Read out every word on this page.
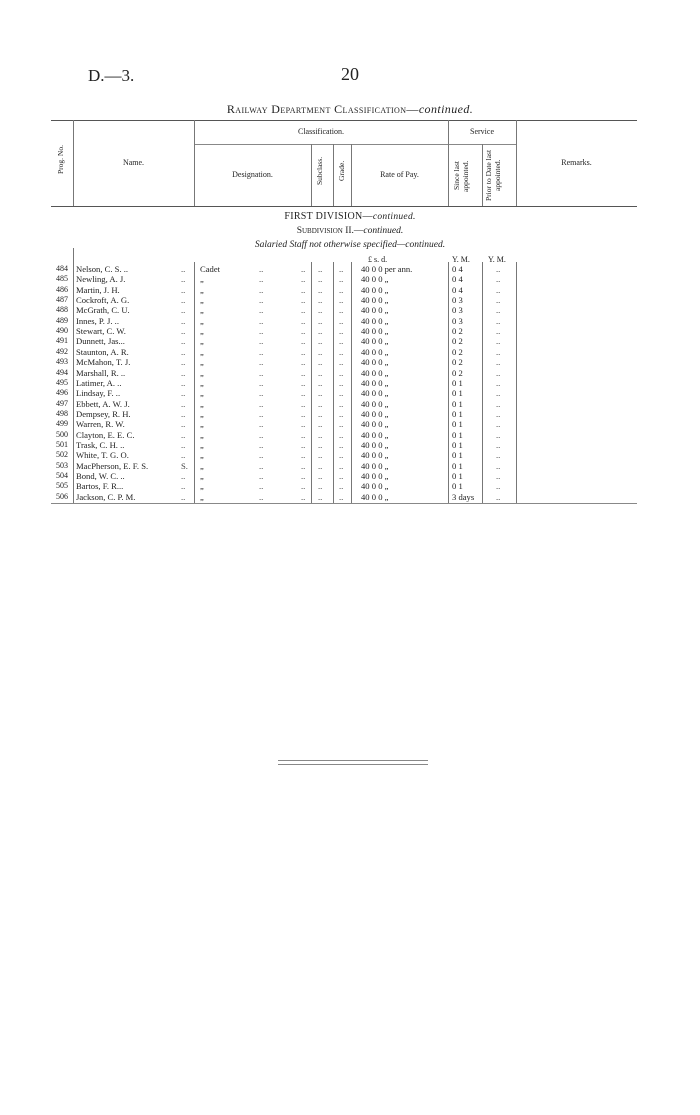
D.—3.	20
Railway Department Classification—continued.
Prog. No.	Name.
Classification.
Designation.	Subclass. Grade.	Rate of Pay.
Service
Since last appointed. Prior to Date last appointed.	Remarks.
FIRST DIVISION—continued.
Subdivision II.—continued.
Salaried Staff not otherwise specified—continued.
£ s. d.	Y. M. Y. M.
484 Nelson, C. S. ..	.. Cadet	..	.. .. .. 40 0 0 per ann.	0 4	..
485 Newling, A. J.	.. „	..	.. .. .. 40 0 0 „	0 4	..
486 Martin, J. H.	.. „	..	.. .. .. 40 0 0 „	0 4	..
487 Cockroft, A. G.	.. „	..	.. .. .. 40 0 0 „	0 3	..
488 McGrath, C. U.	.. „	..	.. .. .. 40 0 0 „	0 3	..
489 Innes, P. J. ..	.. „	..	.. .. .. 40 0 0 „	0 3	..
490 Stewart, C. W.	.. „	..	.. .. .. 40 0 0 „	0 2	..
491 Dunnett, Jas...	.. „	..	.. .. .. 40 0 0 „	0 2	..
492 Staunton, A. R.	.. „	..	.. .. .. 40 0 0 „	0 2	..
493 McMahon, T. J.	.. „	..	.. .. .. 40 0 0 „	0 2	..
494 Marshall, R. ..	.. „	..	.. .. .. 40 0 0 „	0 2	..
495 Latimer, A. ..	.. „	..	.. .. .. 40 0 0 „	0 1	..
496 Lindsay, F. ..	.. „	..	.. .. .. 40 0 0 „	0 1	..
497 Ebbett, A. W. J.	.. „	..	.. .. .. 40 0 0 „	0 1	..
498 Dempsey, R. H.	.. „	..	.. .. .. 40 0 0 „	0 1	..
499 Warren, R. W.	.. „	..	.. .. .. 40 0 0 „	0 1	..
500 Clayton, E. E. C.	.. „	..	.. .. .. 40 0 0 „	0 1	..
501 Trask, C. H. ..	.. „	..	.. .. .. 40 0 0 „	0 1	..
502 White, T. G. O.	.. „	..	.. .. .. 40 0 0 „	0 1	..
503 MacPherson, E. F. S.	S. „	..	.. .. .. 40 0 0 „	0 1	..
504 Bond, W. C. ..	.. „	..	.. .. .. 40 0 0 „	0 1	..
505 Bartos, F. R...	.. „	..	.. .. .. 40 0 0 „	0 1	..
506 Jackson, C. P. M.	.. „	..	.. .. .. 40 0 0 „	3 days	..
